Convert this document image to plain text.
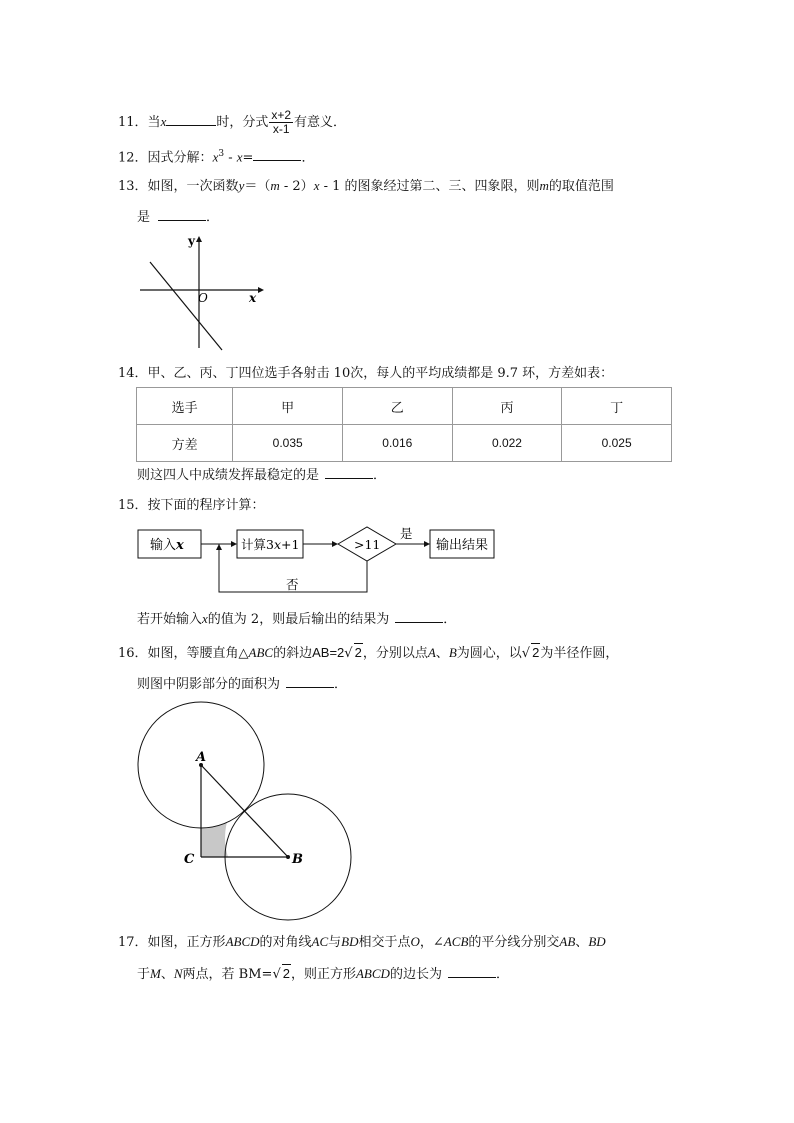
11．当x	时，分式 $\frac{x+2}{x-1}$ 有意义．
12．因式分解：$x^3 - x=$	．
13．如图，一次函数y＝（m - 2）x - 1 的图象经过第二、三、四象限，则m的取值范围
是	．
y
x
O
14．甲、乙、丙、丁四位选手各射击 10次，每人的平均成绩都是 9.7 环，方差如表：
选手	甲	乙	丙	丁
方差	0.035	0.016	0.022	0.025
则这四人中成绩发挥最稳定的是	．
15．按下面的程序计算：
输入x	计算3x+1	>11
是
输出结果
否
若开始输入x的值为 2，则最后输出的结果为	．
16．如图，等腰直角△ABC的斜边AB=2√ 2，分别以点A、B为圆心，以√ 2为半径作圆，
则图中阴影部分的面积为	．
A
B
C
17．如图，正方形ABCD的对角线AC与BD相交于点O，∠ACB的平分线分别交AB、BD
于M、N两点，若 BM=√ 2，则正方形ABCD的边长为	．
